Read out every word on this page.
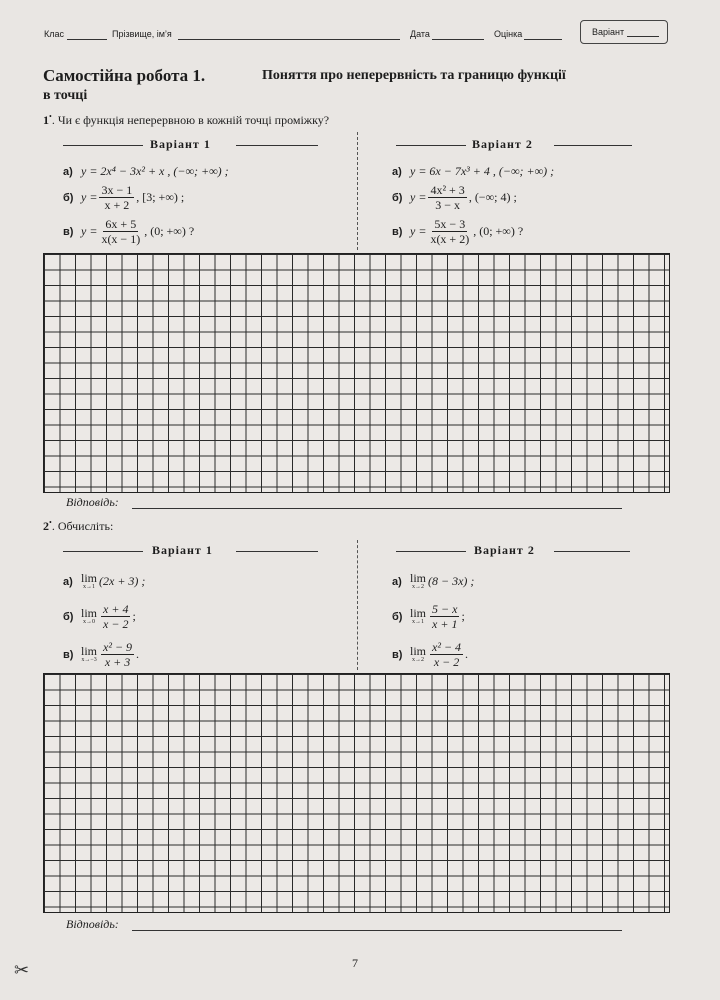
Клас	Прізвище, ім’я	Дата	Оцінка	Варіант
Самостійна робота 1.	Поняття про неперервність та границю функції
в точці
1•. Чи є функція неперервною в кожній точці проміжку?
Варіант 1	Варіант 2
а) y = 2x⁴ − 3x² + x , (−∞; +∞) ;
б) $y = \frac{3x - 1}{x + 2}$ , [3; +∞) ;
в) $y = \frac{6x + 5}{x(x - 1)}$ , (0; +∞) ?
а) y = 6x − 7x³ + 4 , (−∞; +∞) ;
б) $y = \frac{\text{4x² + 3}}{3 - x}$ , (−∞; 4) ;
в) $y = \frac{5x - 3}{x(x + 2)}$ , (0; +∞) ?
Відповідь:
2•. Обчисліть:
Варіант 1	Варіант 2
а) lim
x→1 (2x + 3) ;
б) lim
$x\to 0 \frac{x + 4}{x - 2}$ ;
в) lim
$x\to-3 \frac{\text{x² − 9}}{x + 3}$ .
а) lim
x→2 (8 − 3x) ;
б) lim
$x\to 1 \frac{5 - x}{x + 1}$ ;
в) lim
$x\to 2 \frac{\text{x² − 4}}{x - 2}$ .
Відповідь:
7
✂
